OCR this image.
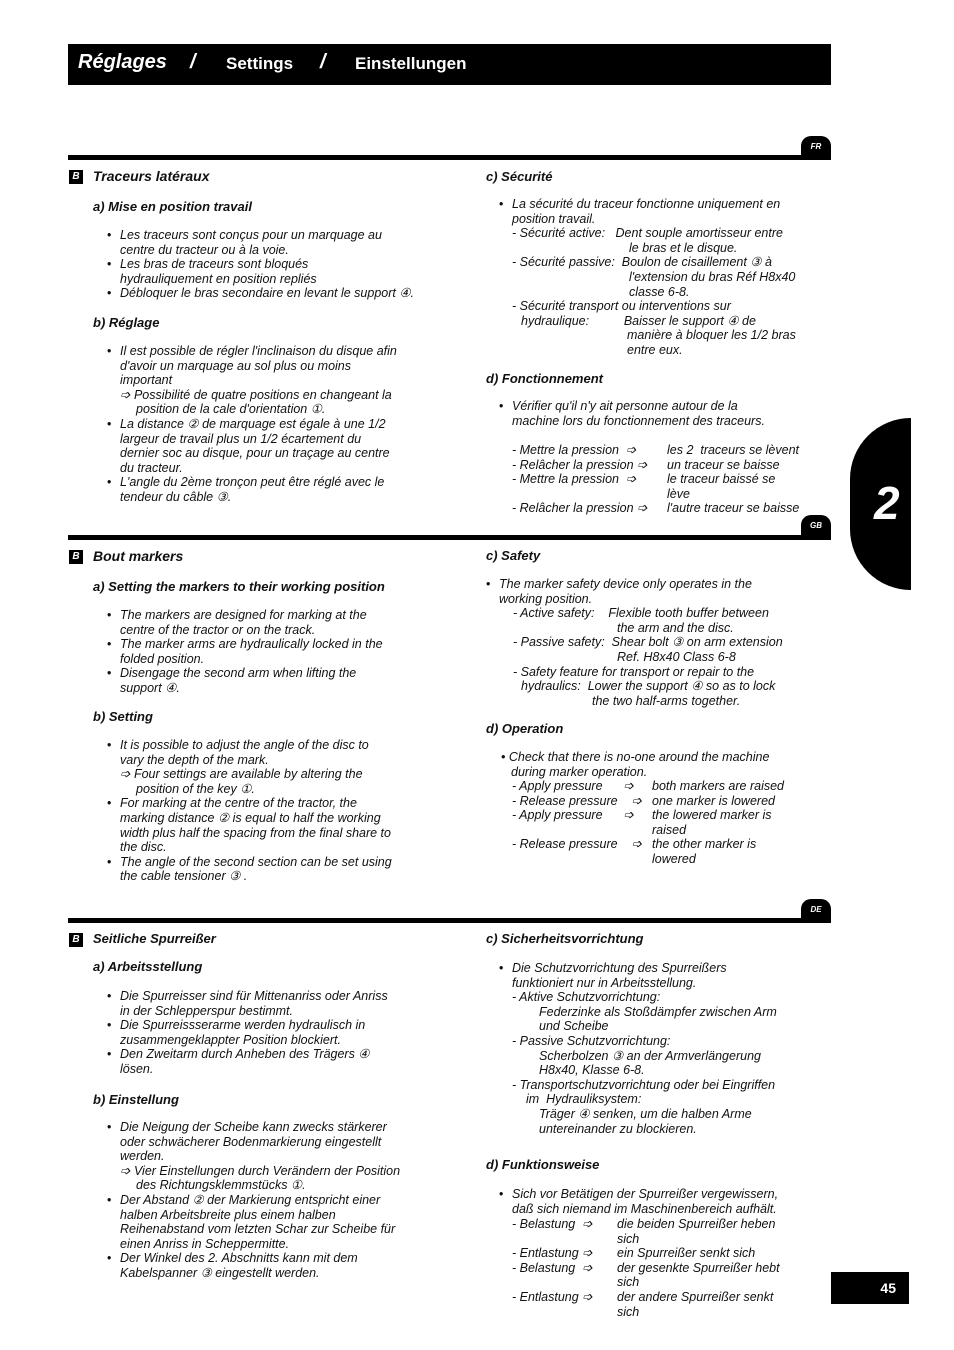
Réglages / Settings / Einstellungen
2
45
FR
B Traceurs latéraux
a) Mise en position travail
• Les traceurs sont conçus pour un marquage au
centre du tracteur ou à la voie.
• Les bras de traceurs sont bloqués
hydrauliquement en position repliés
• Débloquer le bras secondaire en levant le support ④.
b) Réglage
• Il est possible de régler l'inclinaison du disque afin
d'avoir un marquage au sol plus ou moins
important
➩ Possibilité de quatre positions en changeant la
position de la cale d'orientation ①.
• La distance ② de marquage est égale à une 1/2
largeur de travail plus un 1/2 écartement du
dernier soc au disque, pour un traçage au centre
du tracteur.
• L'angle du 2ème tronçon peut être réglé avec le
tendeur du câble ③.
c) Sécurité
• La sécurité du traceur fonctionne uniquement en
position travail.
- Sécurité active:   Dent souple amortisseur entre
le bras et le disque.
- Sécurité passive:  Boulon de cisaillement ③ à
l'extension du bras Réf H8x40
classe 6-8.
- Sécurité transport ou interventions sur
hydraulique:          Baisser le support ④ de
manière à bloquer les 1/2 bras
entre eux.
d) Fonctionnement
• Vérifier qu'il n'y ait personne autour de la
machine lors du fonctionnement des traceurs.
- Mettre la pression  ➩	les 2  traceurs se lèvent
- Relâcher la pression ➩	un traceur se baisse
- Mettre la pression  ➩	le traceur baissé se
lève
- Relâcher la pression ➩	l'autre traceur se baisse
GB
B Bout markers
a) Setting the markers to their working position
• The markers are designed for marking at the
centre of the tractor or on the track.
• The marker arms are hydraulically locked in the
folded position.
• Disengage the second arm when lifting the
support ④.
b) Setting
• It is possible to adjust the angle of the disc to
vary the depth of the mark.
➩ Four settings are available by altering the
position of the key ①.
• For marking at the centre of the tractor, the
marking distance ② is equal to half the working
width plus half the spacing from the final share to
the disc.
• The angle of the second section can be set using
the cable tensioner ③ .
c) Safety
• The marker safety device only operates in the
working position.
- Active safety:    Flexible tooth buffer between
the arm and the disc.
- Passive safety:  Shear bolt ③ on arm extension
Ref. H8x40 Class 6-8
- Safety feature for transport or repair to the
hydraulics:  Lower the support ④ so as to lock
the two half-arms together.
d) Operation
• Check that there is no-one around the machine
during marker operation.
- Apply pressure      ➩	both markers are raised
- Release pressure    ➩ one marker is lowered
- Apply pressure      ➩	the lowered marker is
raised
- Release pressure    ➩ the other marker is
lowered
DE
B Seitliche Spurreißer
a) Arbeitsstellung
• Die Spurreisser sind für Mittenanriss oder Anriss
in der Schlepperspur bestimmt.
• Die Spurreissserarme werden hydraulisch in
zusammengeklappter Position blockiert.
• Den Zweitarm durch Anheben des Trägers ④
lösen.
b) Einstellung
• Die Neigung der Scheibe kann zwecks stärkerer
oder schwächerer Bodenmarkierung eingestellt
werden.
➩ Vier Einstellungen durch Verändern der Position
des Richtungsklemmstücks ①.
• Der Abstand ② der Markierung entspricht einer
halben Arbeitsbreite plus einem halben
Reihenabstand vom letzten Schar zur Scheibe für
einen Anriss in Scheppermitte.
• Der Winkel des 2. Abschnitts kann mit dem
Kabelspanner ③ eingestellt werden.
c) Sicherheitsvorrichtung
• Die Schutzvorrichtung des Spurreißers
funktioniert nur in Arbeitsstellung.
- Aktive Schutzvorrichtung:
Federzinke als Stoßdämpfer zwischen Arm
und Scheibe
- Passive Schutzvorrichtung:
Scherbolzen ③ an der Armverlängerung
H8x40, Klasse 6-8.
- Transportschutzvorrichtung oder bei Eingriffen
im  Hydrauliksystem:
Träger ④ senken, um die halben Arme
untereinander zu blockieren.
d) Funktionsweise
• Sich vor Betätigen der Spurreißer vergewissern,
daß sich niemand im Maschinenbereich aufhält.
- Belastung  ➩	die beiden Spurreißer heben
sich
- Entlastung ➩	ein Spurreißer senkt sich
- Belastung  ➩	der gesenkte Spurreißer hebt
sich
- Entlastung ➩	der andere Spurreißer senkt
sich
